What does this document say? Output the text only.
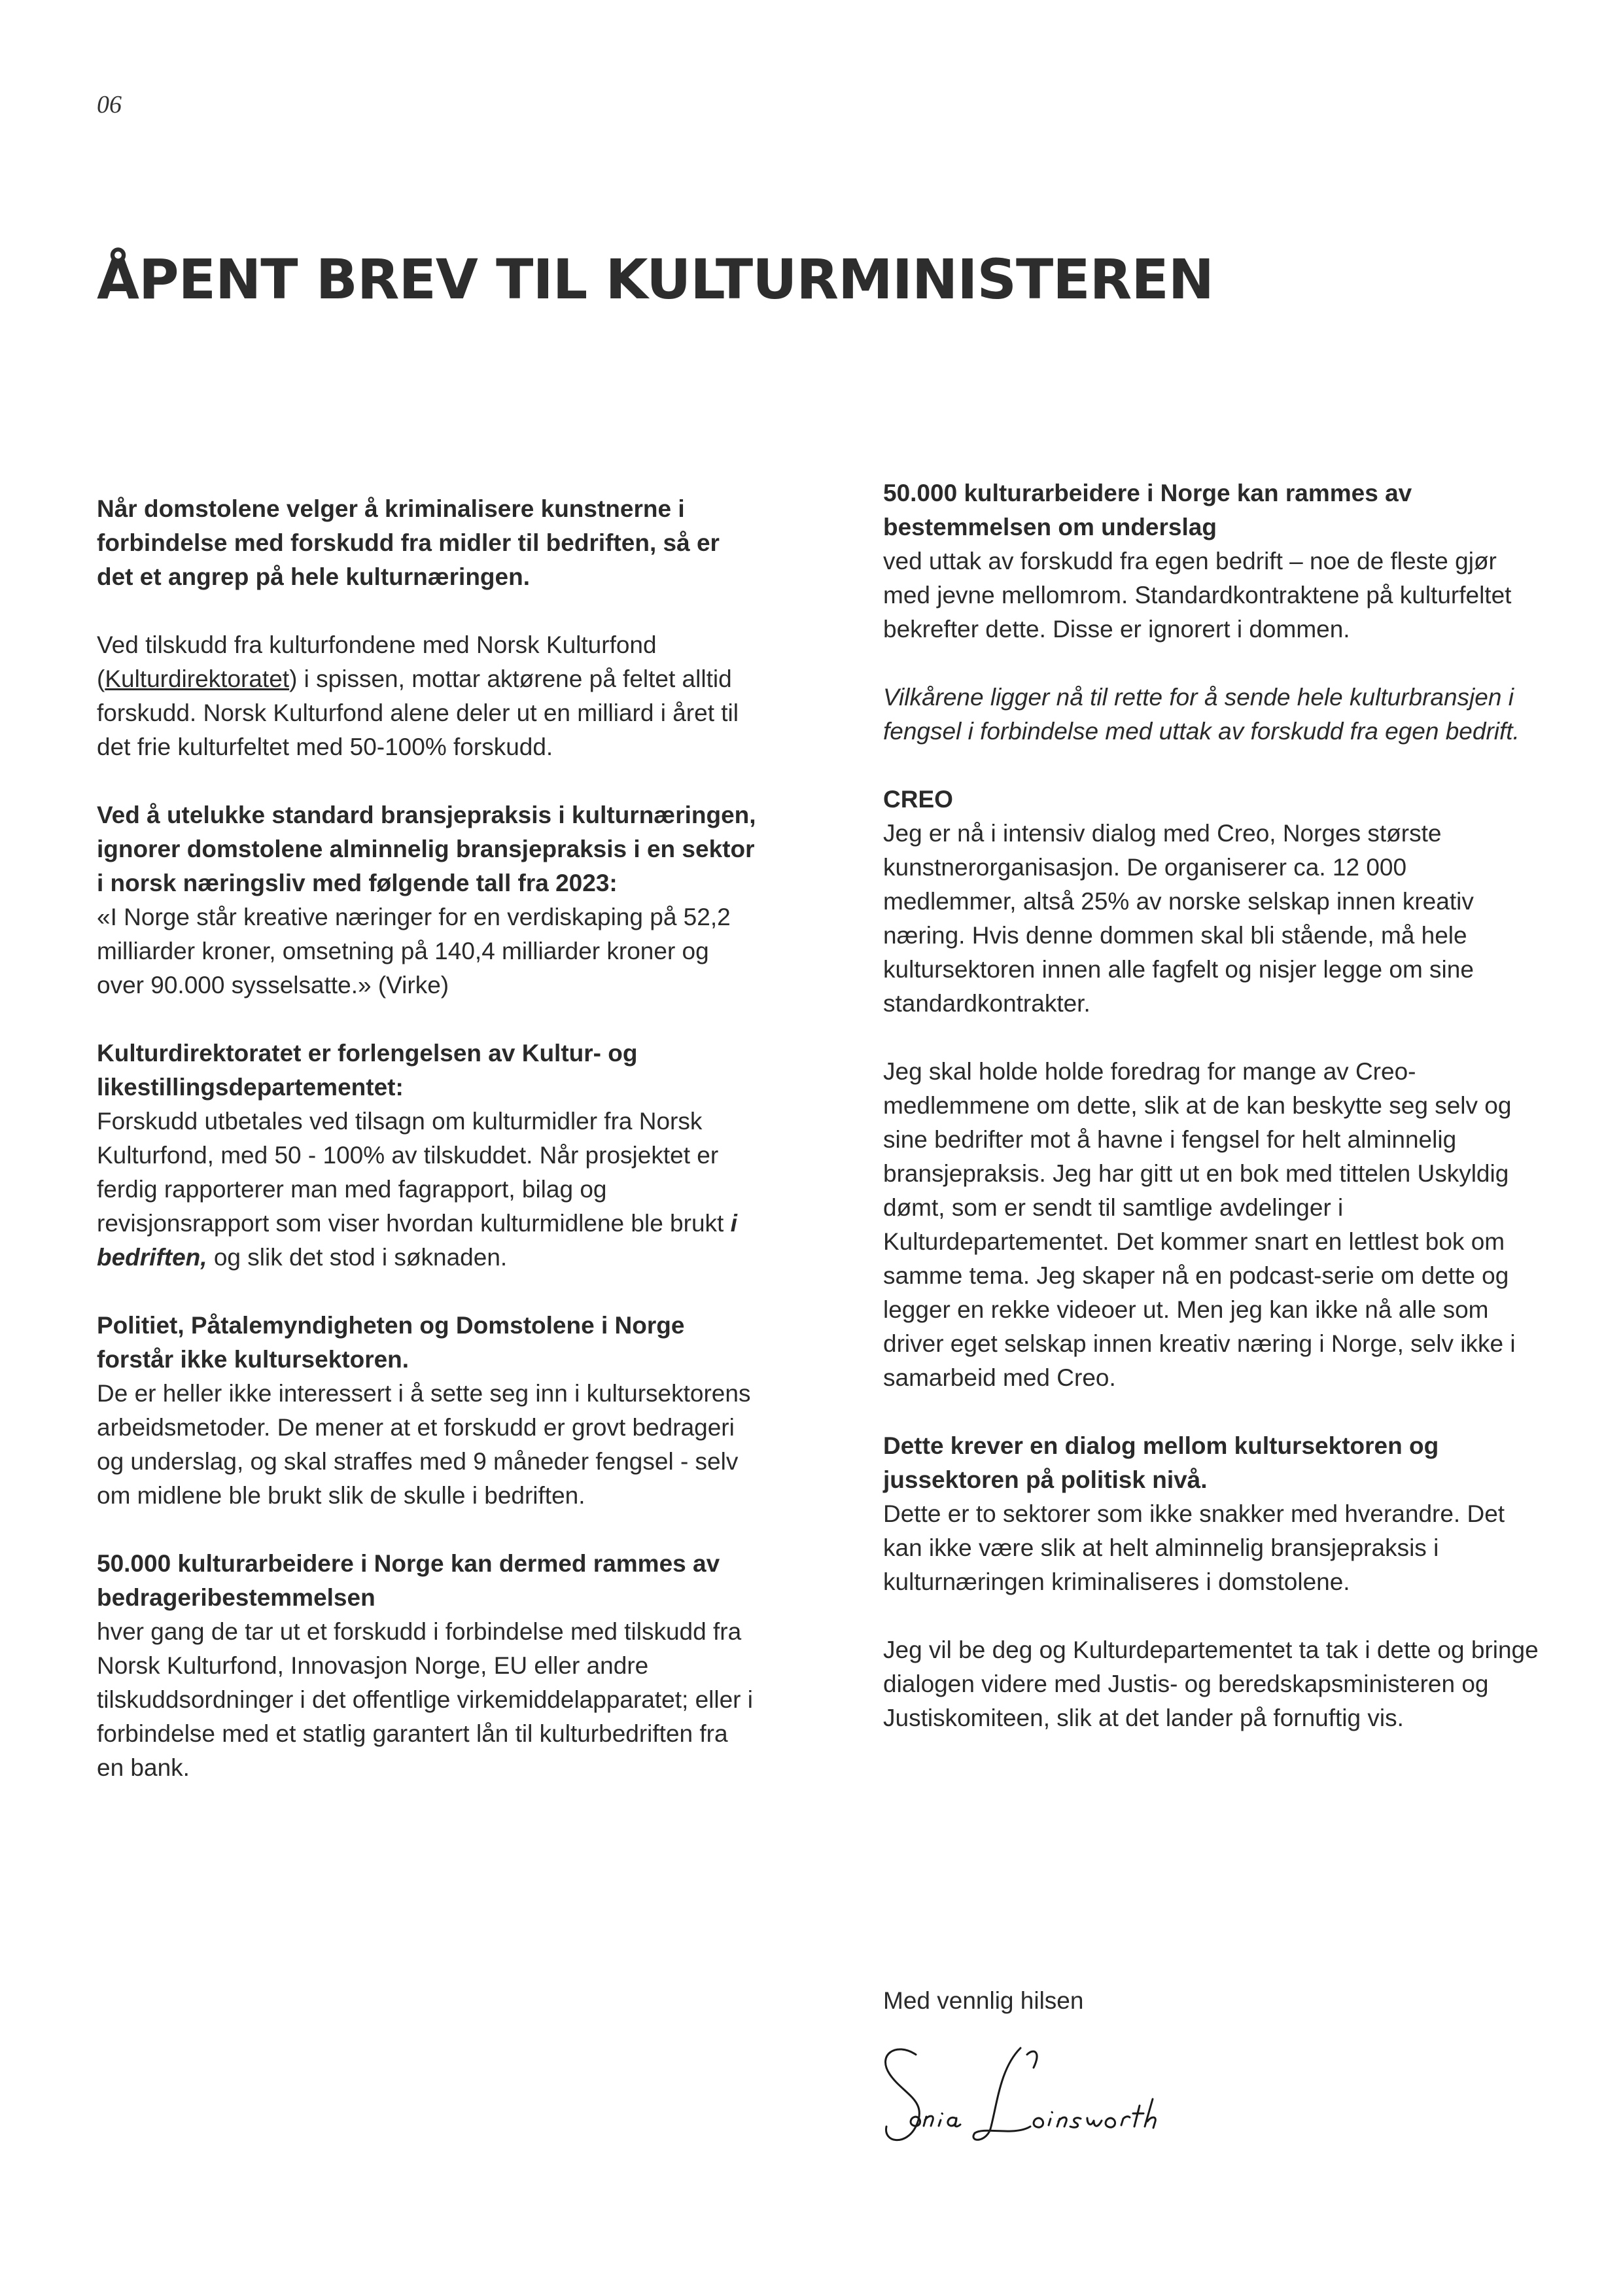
06
ÅPENT BREV TIL KULTURMINISTEREN

Når domstolene velger å kriminalisere kunstnerne i forbindelse med forskudd fra midler til bedriften, så er det et angrep på hele kulturnæringen.

Ved tilskudd fra kulturfondene med Norsk Kulturfond (Kulturdirektoratet) i spissen, mottar aktørene på feltet alltid forskudd. Norsk Kulturfond alene deler ut en milliard i året til det frie kulturfeltet med 50-100% forskudd.

Ved å utelukke standard bransjepraksis i kulturnæringen, ignorer domstolene alminnelig bransjepraksis i en sektor i norsk næringsliv med følgende tall fra 2023:
«I Norge står kreative næringer for en verdiskaping på 52,2 milliarder kroner, omsetning på 140,4 milliarder kroner og over 90.000 sysselsatte.» (Virke)

Kulturdirektoratet er forlengelsen av Kultur- og likestillingsdepartementet:
Forskudd utbetales ved tilsagn om kulturmidler fra Norsk Kulturfond, med 50 - 100% av tilskuddet. Når prosjektet er ferdig rapporterer man med fagrapport, bilag og revisjonsrapport som viser hvordan kulturmidlene ble brukt i bedriften, og slik det stod i søknaden.

Politiet, Påtalemyndigheten og Domstolene i Norge forstår ikke kultursektoren.
De er heller ikke interessert i å sette seg inn i kultursektorens arbeidsmetoder. De mener at et forskudd er grovt bedrageri og underslag, og skal straffes med 9 måneder fengsel - selv om midlene ble brukt slik de skulle i bedriften.

50.000 kulturarbeidere i Norge kan dermed rammes av bedrageribestemmelsen
hver gang de tar ut et forskudd i forbindelse med tilskudd fra Norsk Kulturfond, Innovasjon Norge, EU eller andre tilskuddsordninger i det offentlige virkemiddelapparatet; eller i forbindelse med et statlig garantert lån til kulturbedriften fra en bank.

50.000 kulturarbeidere i Norge kan rammes av bestemmelsen om underslag
ved uttak av forskudd fra egen bedrift – noe de fleste gjør med jevne mellomrom. Standardkontraktene på kulturfeltet bekrefter dette. Disse er ignorert i dommen.

Vilkårene ligger nå til rette for å sende hele kulturbransjen i fengsel i forbindelse med uttak av forskudd fra egen bedrift.

CREO
Jeg er nå i intensiv dialog med Creo, Norges største kunstnerorganisasjon. De organiserer ca. 12 000 medlemmer, altså 25% av norske selskap innen kreativ næring. Hvis denne dommen skal bli stående, må hele kultursektoren innen alle fagfelt og nisjer legge om sine standardkontrakter.

Jeg skal holde holde foredrag for mange av Creo-medlemmene om dette, slik at de kan beskytte seg selv og sine bedrifter mot å havne i fengsel for helt alminnelig bransjepraksis. Jeg har gitt ut en bok med tittelen Uskyldig dømt, som er sendt til samtlige avdelinger i Kulturdepartementet. Det kommer snart en lettlest bok om samme tema. Jeg skaper nå en podcast-serie om dette og legger en rekke videoer ut. Men jeg kan ikke nå alle som driver eget selskap innen kreativ næring i Norge, selv ikke i samarbeid med Creo.

Dette krever en dialog mellom kultursektoren og jussektoren på politisk nivå.
Dette er to sektorer som ikke snakker med hverandre. Det kan ikke være slik at helt alminnelig bransjepraksis i kulturnæringen kriminaliseres i domstolene.

Jeg vil be deg og Kulturdepartementet ta tak i dette og bringe dialogen videre med Justis- og beredskapsministeren og Justiskomiteen, slik at det lander på fornuftig vis.

Med vennlig hilsen
